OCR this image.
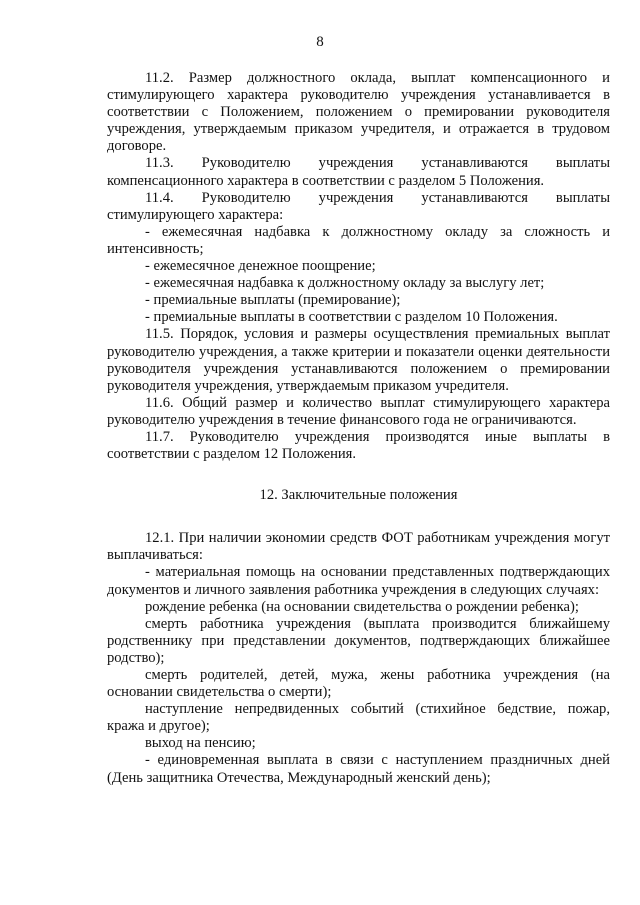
8

11.2. Размер должностного оклада, выплат компенсационного и стимулирующего характера руководителю учреждения устанавливается в соответствии с Положением, положением о премировании руководителя учреждения, утверждаемым приказом учредителя, и отражается в трудовом договоре.

11.3. Руководителю учреждения устанавливаются выплаты компенсационного характера в соответствии с разделом 5 Положения.

11.4. Руководителю учреждения устанавливаются выплаты стимулирующего характера:

- ежемесячная надбавка к должностному окладу за сложность и интенсивность;

- ежемесячное денежное поощрение;

- ежемесячная надбавка к должностному окладу за выслугу лет;

- премиальные выплаты (премирование);

- премиальные выплаты в соответствии с разделом 10 Положения.

11.5. Порядок, условия и размеры осуществления премиальных выплат руководителю учреждения, а также критерии и показатели оценки деятельности руководителя учреждения устанавливаются положением о премировании руководителя учреждения, утверждаемым приказом учредителя.

11.6. Общий размер и количество выплат стимулирующего характера руководителю учреждения в течение финансового года не ограничиваются.

11.7. Руководителю учреждения производятся иные выплаты в соответствии с разделом 12 Положения.

12. Заключительные положения

12.1. При наличии экономии средств ФОТ работникам учреждения могут выплачиваться:

- материальная помощь на основании представленных подтверждающих документов и личного заявления работника учреждения в следующих случаях:

рождение ребенка (на основании свидетельства о рождении ребенка);

смерть работника учреждения (выплата производится ближайшему родственнику при представлении документов, подтверждающих ближайшее родство);

смерть родителей, детей, мужа, жены работника учреждения (на основании свидетельства о смерти);

наступление непредвиденных событий (стихийное бедствие, пожар, кража и другое);

выход на пенсию;

- единовременная выплата в связи с наступлением праздничных дней (День защитника Отечества, Международный женский день);
